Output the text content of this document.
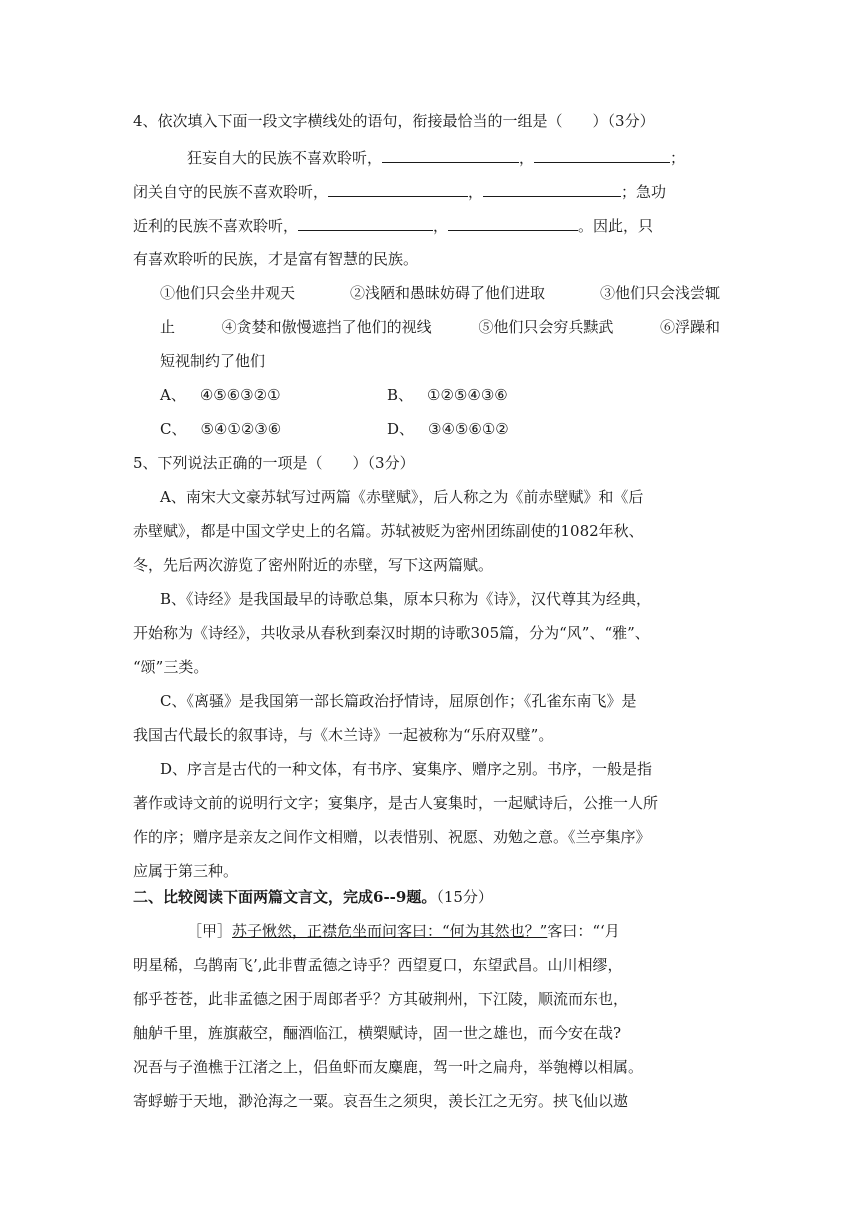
4、依次填入下面一段文字横线处的语句，衔接最恰当的一组是（　　）（3分）
狂妄自大的民族不喜欢聆听，	，	；
闭关自守的民族不喜欢聆听，	，	；急功
近利的民族不喜欢聆听，	，	。因此，只
有喜欢聆听的民族，才是富有智慧的民族。
①他们只会坐井观天	②浅陋和愚昧妨碍了他们进取	③他们只会浅尝辄
止	④贪婪和傲慢遮挡了他们的视线	⑤他们只会穷兵黩武	⑥浮躁和
短视制约了他们
A、 ④⑤⑥③②①	B、 ①②⑤④③⑥
C、 ⑤④①②③⑥	D、 ③④⑤⑥①②
5、下列说法正确的一项是（　　）（3分）
A、南宋大文豪苏轼写过两篇《赤壁赋》，后人称之为《前赤壁赋》和《后
赤壁赋》，都是中国文学史上的名篇。苏轼被贬为密州团练副使的1082年秋、
冬，先后两次游览了密州附近的赤壁，写下这两篇赋。
B、《诗经》是我国最早的诗歌总集，原本只称为《诗》，汉代尊其为经典，
开始称为《诗经》，共收录从春秋到秦汉时期的诗歌305篇，分为“风”、“雅”、
“颂”三类。
C、《离骚》是我国第一部长篇政治抒情诗，屈原创作；《孔雀东南飞》是
我国古代最长的叙事诗，与《木兰诗》一起被称为“乐府双璧”。
D、序言是古代的一种文体，有书序、宴集序、赠序之别。书序，一般是指
著作或诗文前的说明行文字；宴集序，是古人宴集时，一起赋诗后，公推一人所
作的序；赠序是亲友之间作文相赠，以表惜别、祝愿、劝勉之意。《兰亭集序》
应属于第三种。
二、比较阅读下面两篇文言文，完成6--9题。（15分）
［甲］苏子愀然，正襟危坐而问客曰：“何为其然也？”客曰：“‘月
明星稀，乌鹊南飞’,此非曹孟德之诗乎？西望夏口，东望武昌。山川相缪，
郁乎苍苍，此非孟德之困于周郎者乎？方其破荆州，下江陵，顺流而东也，
舳舻千里，旌旗蔽空，酾酒临江，横槊赋诗，固一世之雄也，而今安在哉?
况吾与子渔樵于江渚之上，侣鱼虾而友麋鹿，驾一叶之扁舟，举匏樽以相属。
寄蜉蝣于天地，渺沧海之一粟。哀吾生之须臾，羡长江之无穷。挟飞仙以遨
